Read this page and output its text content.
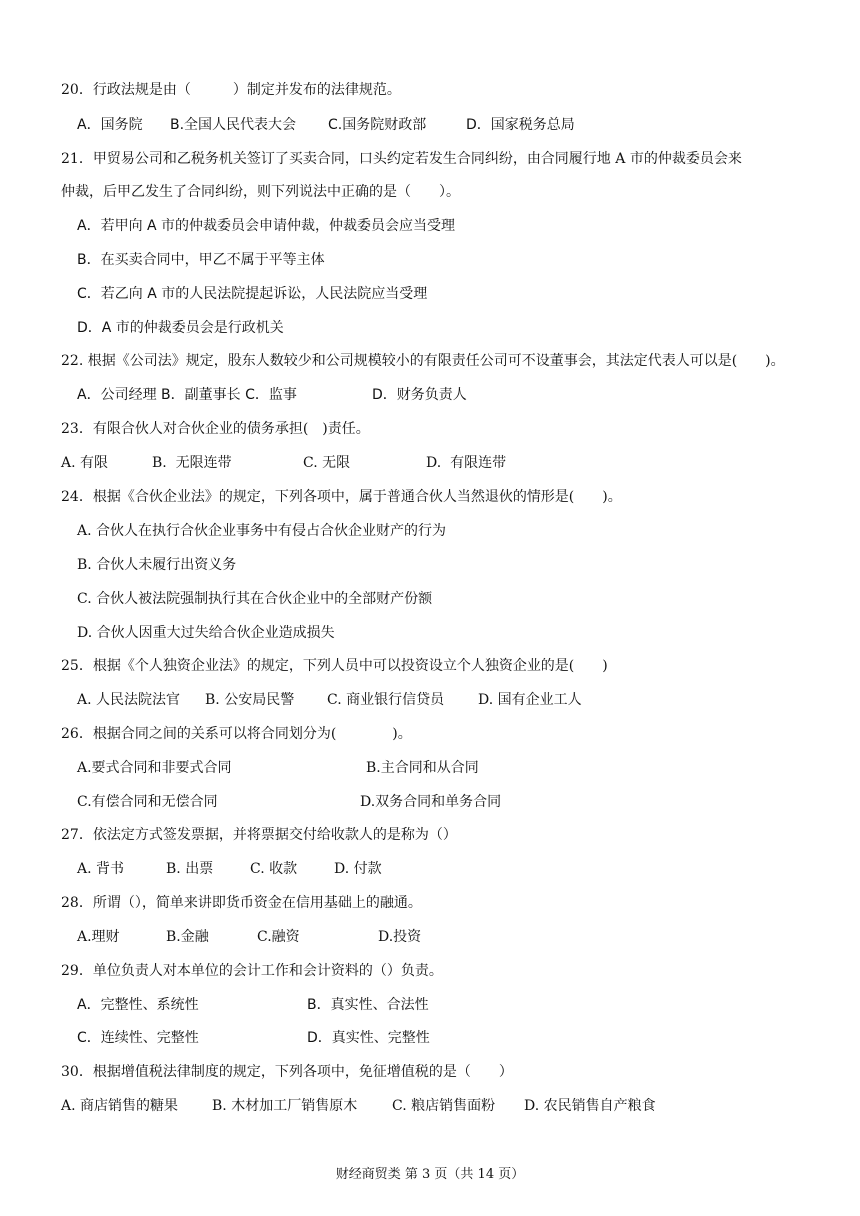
20．行政法规是由（　　　）制定并发布的法律规范。
A．国务院 B.全国人民代表大会 C.国务院财政部	D．国家税务总局
21．甲贸易公司和乙税务机关签订了买卖合同，口头约定若发生合同纠纷，由合同履行地 A 市的仲裁委员会来
仲裁，后甲乙发生了合同纠纷，则下列说法中正确的是（　　）。
A．若甲向 A 市的仲裁委员会申请仲裁，仲裁委员会应当受理
B．在买卖合同中，甲乙不属于平等主体
C．若乙向 A 市的人民法院提起诉讼，人民法院应当受理
D．A 市的仲裁委员会是行政机关
22. 根据《公司法》规定，股东人数较少和公司规模较小的有限责任公司可不设董事会，其法定代表人可以是(　　)。
A．公司经理 B．副董事长 C．监事	D．财务负责人
23．有限合伙人对合伙企业的债务承担(　)责任。
A. 有限	B.  无限连带	C. 无限	D.  有限连带
24．根据《合伙企业法》的规定，下列各项中，属于普通合伙人当然退伙的情形是(　　)。
A. 合伙人在执行合伙企业事务中有侵占合伙企业财产的行为
B. 合伙人未履行出资义务
C. 合伙人被法院强制执行其在合伙企业中的全部财产份额
D. 合伙人因重大过失给合伙企业造成损失
25．根据《个人独资企业法》的规定，下列人员中可以投资设立个人独资企业的是(　　)
A. 人民法院法官 B. 公安局民警 C. 商业银行信贷员 D. 国有企业工人
26．根据合同之间的关系可以将合同划分为(　　　　)。
A.要式合同和非要式合同	B.主合同和从合同
C.有偿合同和无偿合同	D.双务合同和单务合同
27．依法定方式签发票据，并将票据交付给收款人的是称为（）
A. 背书	B. 出票	C. 收款	D. 付款
28．所谓（），简单来讲即货币资金在信用基础上的融通。
A.理财	B.金融	C.融资	D.投资
29．单位负责人对本单位的会计工作和会计资料的（）负责。
A．完整性、系统性	B．真实性、合法性
C．连续性、完整性	D．真实性、完整性
30．根据增值税法律制度的规定，下列各项中，免征增值税的是（　　）
A. 商店销售的糖果 B. 木材加工厂销售原木 C. 粮店销售面粉 D. 农民销售自产粮食
财经商贸类 第 3 页（共 14 页）
